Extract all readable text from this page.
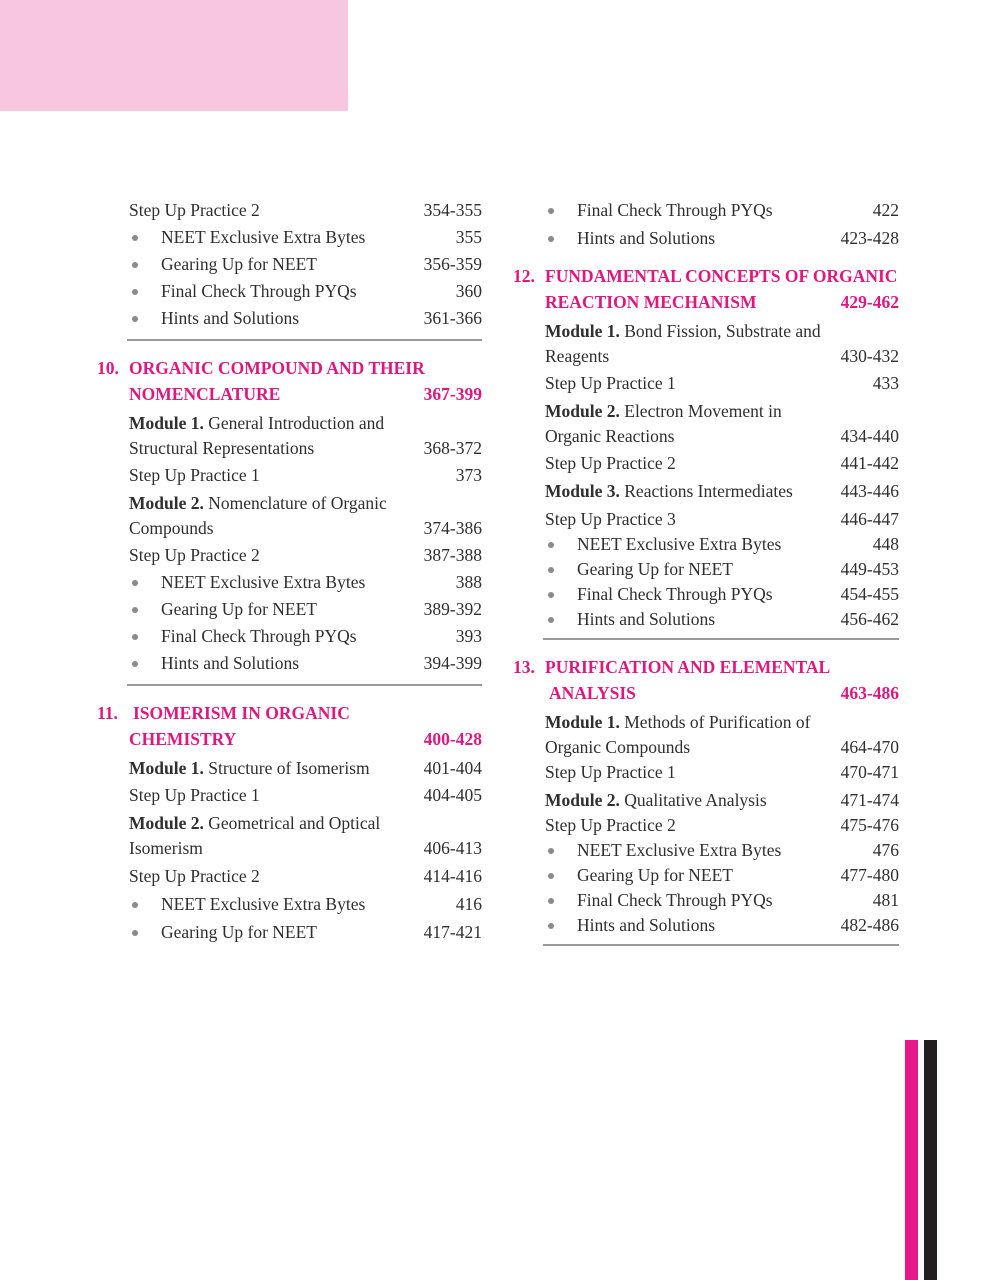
Step Up Practice 2	354-355
NEET Exclusive Extra Bytes	355
Gearing Up for NEET	356-359
Final Check Through PYQs	360
Hints and Solutions	361-366
10. ORGANIC COMPOUND AND THEIR
NOMENCLATURE	367-399
Module 1. General Introduction and
Structural Representations	368-372
Step Up Practice 1	373
Module 2. Nomenclature of Organic
Compounds	374-386
Step Up Practice 2	387-388
NEET Exclusive Extra Bytes	388
Gearing Up for NEET	389-392
Final Check Through PYQs	393
Hints and Solutions	394-399
11. ISOMERISM IN ORGANIC
CHEMISTRY	400-428
Module 1. Structure of Isomerism	401-404
Step Up Practice 1	404-405
Module 2. Geometrical and Optical
Isomerism	406-413
Step Up Practice 2	414-416
NEET Exclusive Extra Bytes	416
Gearing Up for NEET	417-421
Final Check Through PYQs	422
Hints and Solutions	423-428
12. FUNDAMENTAL CONCEPTS OF ORGANIC
REACTION MECHANISM	429-462
Module 1. Bond Fission, Substrate and
Reagents	430-432
Step Up Practice 1	433
Module 2. Electron Movement in
Organic Reactions	434-440
Step Up Practice 2	441-442
Module 3. Reactions Intermediates	443-446
Step Up Practice 3	446-447
NEET Exclusive Extra Bytes	448
Gearing Up for NEET	449-453
Final Check Through PYQs	454-455
Hints and Solutions	456-462
13. PURIFICATION AND ELEMENTAL
ANALYSIS	463-486
Module 1. Methods of Purification of
Organic Compounds	464-470
Step Up Practice 1	470-471
Module 2. Qualitative Analysis	471-474
Step Up Practice 2	475-476
NEET Exclusive Extra Bytes	476
Gearing Up for NEET	477-480
Final Check Through PYQs	481
Hints and Solutions	482-486
